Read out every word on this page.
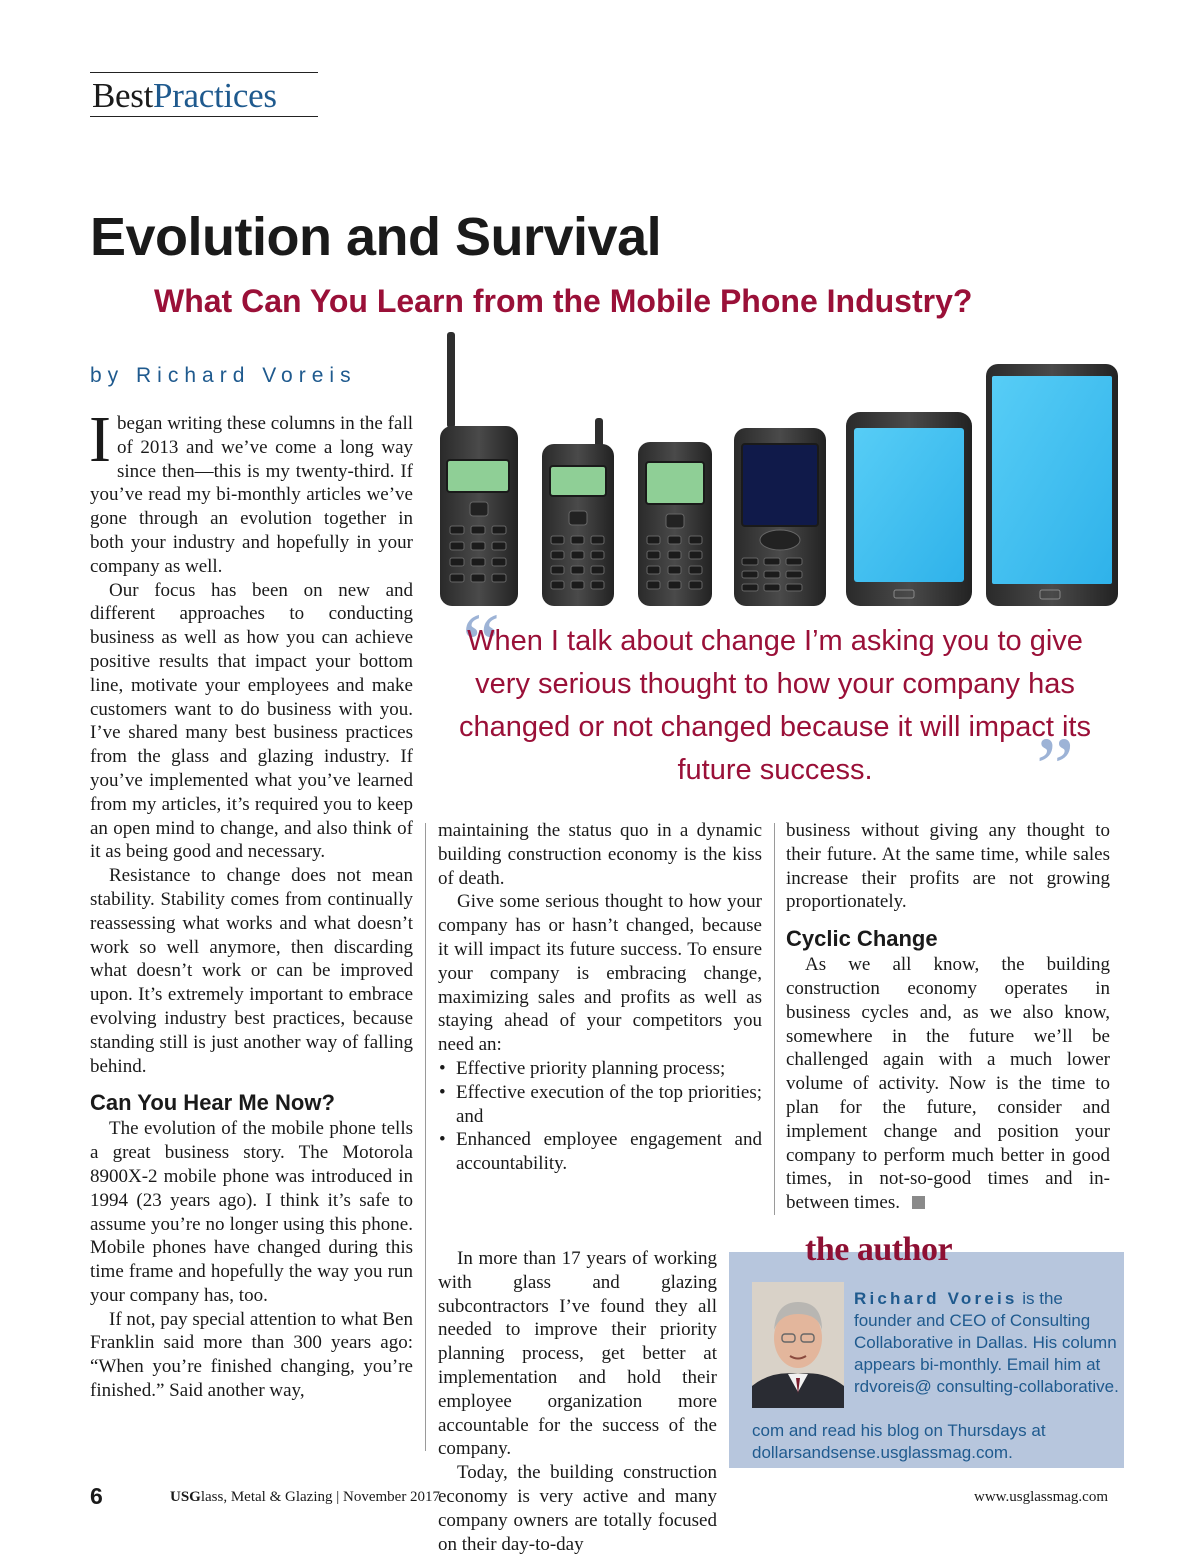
BestPractices
Evolution and Survival
What Can You Learn from the Mobile Phone Industry?
by Richard Voreis
“
When I talk about change I’m asking you to give very serious thought to how your company has changed or not changed because it will impact its future success.	”

Ibegan writing these columns in the fall of 2013 and we’ve come a long way since then—this is my twenty-third. If you’ve read my bi-monthly articles we’ve gone through an evolution together in both your industry and hopefully in your company as well.

Our focus has been on new and different approaches to conducting business as well as how you can achieve positive results that impact your bottom line, motivate your employees and make customers want to do business with you. I’ve shared many best business practices from the glass and glazing industry. If you’ve implemented what you’ve learned from my articles, it’s required you to keep an open mind to change, and also think of it as being good and necessary.

Resistance to change does not mean stability. Stability comes from continually reassessing what works and what doesn’t work so well anymore, then discarding what doesn’t work or can be improved upon. It’s extremely important to embrace evolving industry best practices, because standing still is just another way of falling behind.

Can You Hear Me Now?

The evolution of the mobile phone tells a great business story. The Motorola 8900X-2 mobile phone was introduced in 1994 (23 years ago). I think it’s safe to assume you’re no longer using this phone. Mobile phones have changed during this time frame and hopefully the way you run your company has, too.

If not, pay special attention to what Ben Franklin said more than 300 years ago: “When you’re finished changing, you’re finished.” Said another way,

maintaining the status quo in a dynamic building construction economy is the kiss of death.

Give some serious thought to how your company has or hasn’t changed, because it will impact its future success. To ensure your company is embracing change, maximizing sales and profits as well as staying ahead of your competitors you need an:

• Effective priority planning process;
• Effective execution of the top priorities; and
• Enhanced employee engagement and accountability.

In more than 17 years of working with glass and glazing subcontractors I’ve found they all needed to improve their priority planning process, get better at implementation and hold their employee organization more accountable for the success of the company.

Today, the building construction economy is very active and many company owners are totally focused on their day-to-day

business without giving any thought to their future. At the same time, while sales increase their profits are not growing proportionately.

Cyclic Change

As we all know, the building construction economy operates in business cycles and, as we also know, somewhere in the future we’ll be challenged again with a much lower volume of activity. Now is the time to plan for the future, consider and implement change and position your company to perform much better in good times, in not-so-good times and in-between times.

the author
Richard Voreis is the founder and CEO of Consulting Collaborative in Dallas. His column appears bi-monthly. Email him at rdvoreis@ consulting-collaborative.
com and read his blog on Thursdays at dollarsandsense.usglassmag.com.
6	USGlass, Metal & Glazing | November 2017	www.usglassmag.com
